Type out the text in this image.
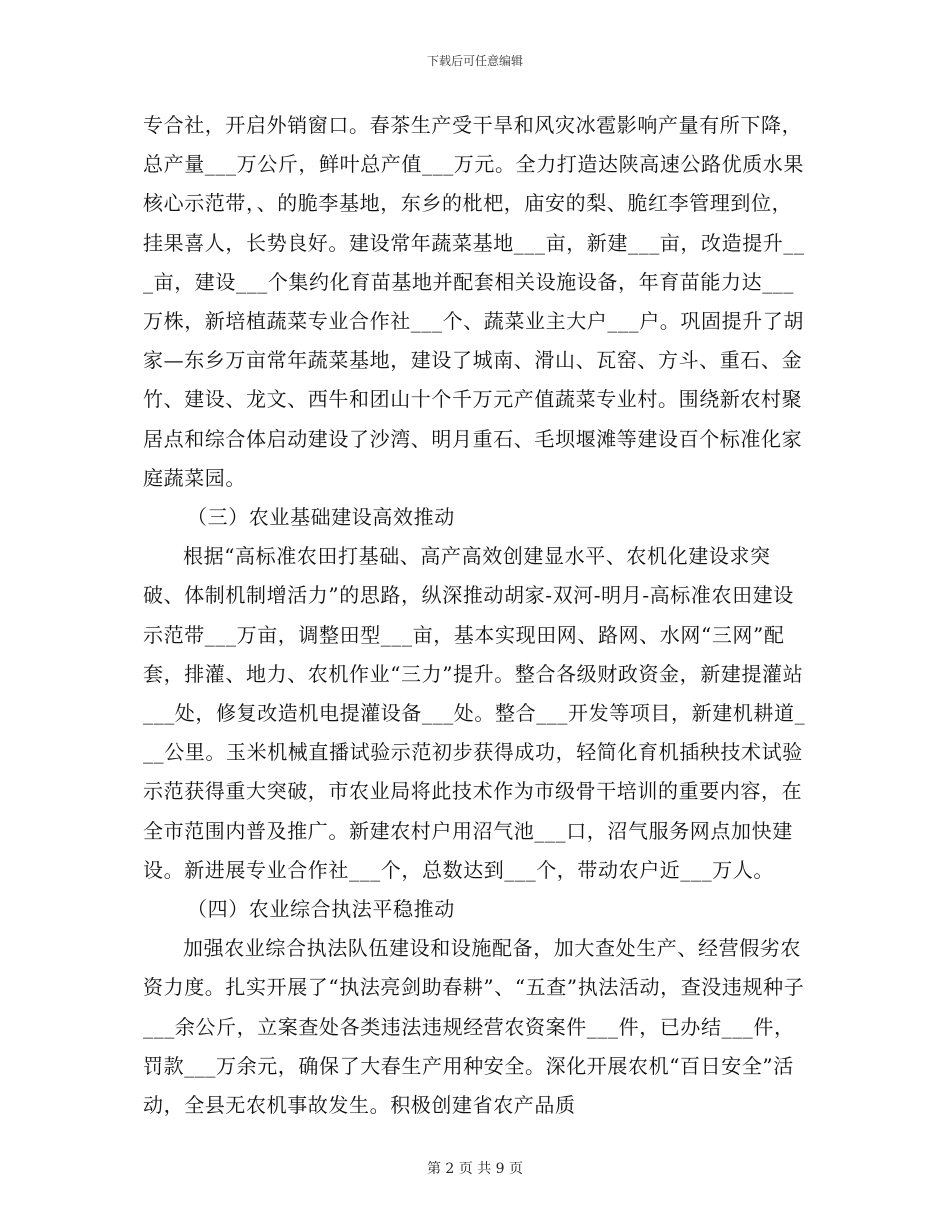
下载后可任意编辑

专合社，开启外销窗口。春茶生产受干旱和风灾冰雹影响产量有所下降，总产量___万公斤，鲜叶总产值___万元。全力打造达陕高速公路优质水果核心示范带，、的脆李基地，东乡的枇杷，庙安的梨、脆红李管理到位，挂果喜人，长势良好。建设常年蔬菜基地___亩，新建___亩，改造提升___亩，建设___个集约化育苗基地并配套相关设施设备，年育苗能力达___万株，新培植蔬菜专业合作社___个、蔬菜业主大户___户。巩固提升了胡家—东乡万亩常年蔬菜基地，建设了城南、滑山、瓦窑、方斗、重石、金竹、建设、龙文、西牛和团山十个千万元产值蔬菜专业村。围绕新农村聚居点和综合体启动建设了沙湾、明月重石、毛坝堰滩等建设百个标准化家庭蔬菜园。

（三）农业基础建设高效推动

根据“高标准农田打基础、高产高效创建显水平、农机化建设求突破、体制机制增活力”的思路，纵深推动胡家-双河-明月-高标准农田建设示范带___万亩，调整田型___亩，基本实现田网、路网、水网“三网”配套，排灌、地力、农机作业“三力”提升。整合各级财政资金，新建提灌站___处，修复改造机电提灌设备___处。整合___开发等项目，新建机耕道___公里。玉米机械直播试验示范初步获得成功，轻简化育机插秧技术试验示范获得重大突破，市农业局将此技术作为市级骨干培训的重要内容，在全市范围内普及推广。新建农村户用沼气池___口，沼气服务网点加快建设。新进展专业合作社___个，总数达到___个，带动农户近___万人。

（四）农业综合执法平稳推动

加强农业综合执法队伍建设和设施配备，加大查处生产、经营假劣农资力度。扎实开展了“执法亮剑助春耕”、“五查”执法活动，查没违规种子___余公斤，立案查处各类违法违规经营农资案件___件，已办结___件，罚款___万余元，确保了大春生产用种安全。深化开展农机“百日安全”活动，全县无农机事故发生。积极创建省农产品质

第 2 页 共 9 页
